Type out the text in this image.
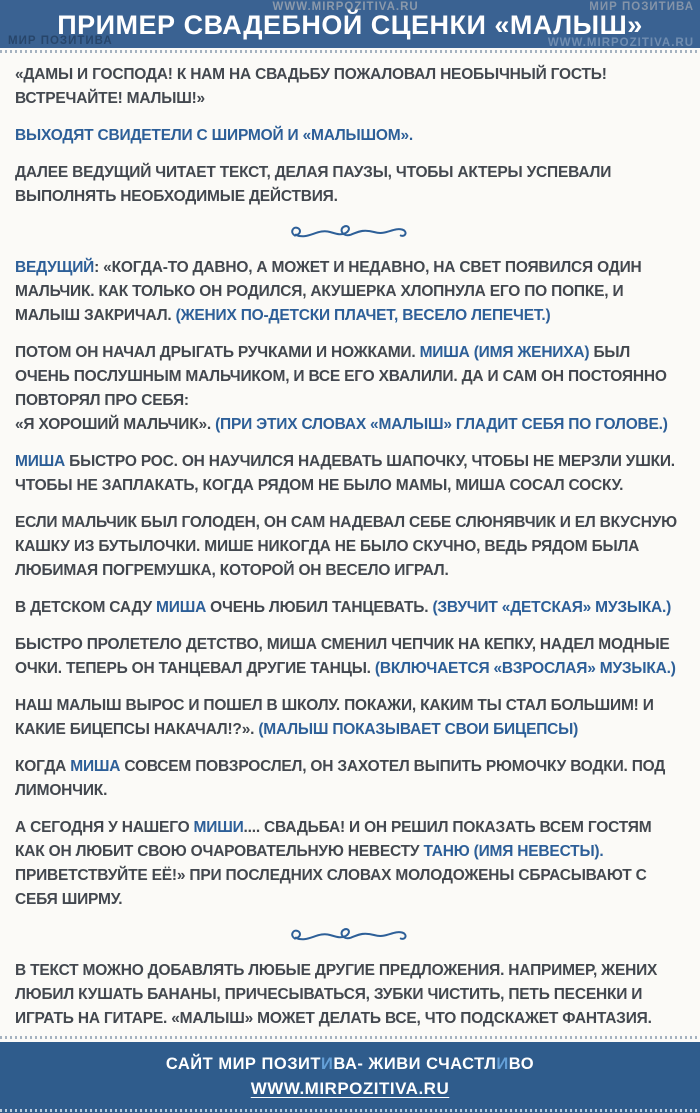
WWW.MIRPOZITIVA.RU	МИР ПОЗИТИВА
ПРИМЕР СВАДЕБНОЙ СЦЕНКИ «МАЛЫШ»
МИР ПОЗИТИВА	WWW.MIRPOZITIVA.RU

«ДАМЫ И ГОСПОДА! К НАМ НА СВАДЬБУ ПОЖАЛОВАЛ НЕОБЫЧНЫЙ ГОСТЬ! ВСТРЕЧАЙТЕ! МАЛЫШ!»

ВЫХОДЯТ СВИДЕТЕЛИ С ШИРМОЙ И «МАЛЫШОМ».

ДАЛЕЕ ВЕДУЩИЙ ЧИТАЕТ ТЕКСТ, ДЕЛАЯ ПАУЗЫ, ЧТОБЫ АКТЕРЫ УСПЕВАЛИ ВЫПОЛНЯТЬ НЕОБХОДИМЫЕ ДЕЙСТВИЯ.

ВЕДУЩИЙ: «КОГДА-ТО ДАВНО, А МОЖЕТ И НЕДАВНО, НА СВЕТ ПОЯВИЛСЯ ОДИН МАЛЬЧИК. КАК ТОЛЬКО ОН РОДИЛСЯ, АКУШЕРКА ХЛОПНУЛА ЕГО ПО ПОПКЕ, И МАЛЫШ ЗАКРИЧАЛ. (ЖЕНИХ ПО-ДЕТСКИ ПЛАЧЕТ, ВЕСЕЛО ЛЕПЕЧЕТ.)

ПОТОМ ОН НАЧАЛ ДРЫГАТЬ РУЧКАМИ И НОЖКАМИ. МИША (ИМЯ ЖЕНИХА) БЫЛ ОЧЕНЬ ПОСЛУШНЫМ МАЛЬЧИКОМ, И ВСЕ ЕГО ХВАЛИЛИ. ДА И САМ ОН ПОСТОЯННО ПОВТОРЯЛ ПРО СЕБЯ:
«Я ХОРОШИЙ МАЛЬЧИК». (ПРИ ЭТИХ СЛОВАХ «МАЛЫШ» ГЛАДИТ СЕБЯ ПО ГОЛОВЕ.)

МИША БЫСТРО РОС. ОН НАУЧИЛСЯ НАДЕВАТЬ ШАПОЧКУ, ЧТОБЫ НЕ МЕРЗЛИ УШКИ. ЧТОБЫ НЕ ЗАПЛАКАТЬ, КОГДА РЯДОМ НЕ БЫЛО МАМЫ, МИША СОСАЛ СОСКУ.

ЕСЛИ МАЛЬЧИК БЫЛ ГОЛОДЕН, ОН САМ НАДЕВАЛ СЕБЕ СЛЮНЯВЧИК И ЕЛ ВКУСНУЮ КАШКУ ИЗ БУТЫЛОЧКИ. МИШЕ НИКОГДА НЕ БЫЛО СКУЧНО, ВЕДЬ РЯДОМ БЫЛА ЛЮБИМАЯ ПОГРЕМУШКА, КОТОРОЙ ОН ВЕСЕЛО ИГРАЛ.

В ДЕТСКОМ САДУ МИША ОЧЕНЬ ЛЮБИЛ ТАНЦЕВАТЬ. (ЗВУЧИТ «ДЕТСКАЯ» МУЗЫКА.)

БЫСТРО ПРОЛЕТЕЛО ДЕТСТВО, МИША СМЕНИЛ ЧЕПЧИК НА КЕПКУ, НАДЕЛ МОДНЫЕ ОЧКИ. ТЕПЕРЬ ОН ТАНЦЕВАЛ ДРУГИЕ ТАНЦЫ. (ВКЛЮЧАЕТСЯ «ВЗРОСЛАЯ» МУЗЫКА.)

НАШ МАЛЫШ ВЫРОС И ПОШЕЛ В ШКОЛУ. ПОКАЖИ, КАКИМ ТЫ СТАЛ БОЛЬШИМ! И КАКИЕ БИЦЕПСЫ НАКАЧАЛ!?». (МАЛЫШ ПОКАЗЫВАЕТ СВОИ БИЦЕПСЫ)

КОГДА МИША СОВСЕМ ПОВЗРОСЛЕЛ, ОН ЗАХОТЕЛ ВЫПИТЬ РЮМОЧКУ ВОДКИ. ПОД ЛИМОНЧИК.

А СЕГОДНЯ У НАШЕГО МИШИ.... СВАДЬБА! И ОН РЕШИЛ ПОКАЗАТЬ ВСЕМ ГОСТЯМ КАК ОН ЛЮБИТ СВОЮ ОЧАРОВАТЕЛЬНУЮ НЕВЕСТУ ТАНЮ (ИМЯ НЕВЕСТЫ). ПРИВЕТСТВУЙТЕ ЕЁ!» ПРИ ПОСЛЕДНИХ СЛОВАХ МОЛОДОЖЕНЫ СБРАСЫВАЮТ С СЕБЯ ШИРМУ.

В ТЕКСТ МОЖНО ДОБАВЛЯТЬ ЛЮБЫЕ ДРУГИЕ ПРЕДЛОЖЕНИЯ. НАПРИМЕР, ЖЕНИХ ЛЮБИЛ КУШАТЬ БАНАНЫ, ПРИЧЕСЫВАТЬСЯ, ЗУБКИ ЧИСТИТЬ, ПЕТЬ ПЕСЕНКИ И ИГРАТЬ НА ГИТАРЕ. «МАЛЫШ» МОЖЕТ ДЕЛАТЬ ВСЕ, ЧТО ПОДСКАЖЕТ ФАНТАЗИЯ.

САЙТ МИР ПОЗИТИВА- ЖИВИ СЧАСТЛИВО
WWW.MIRPOZITIVA.RU
